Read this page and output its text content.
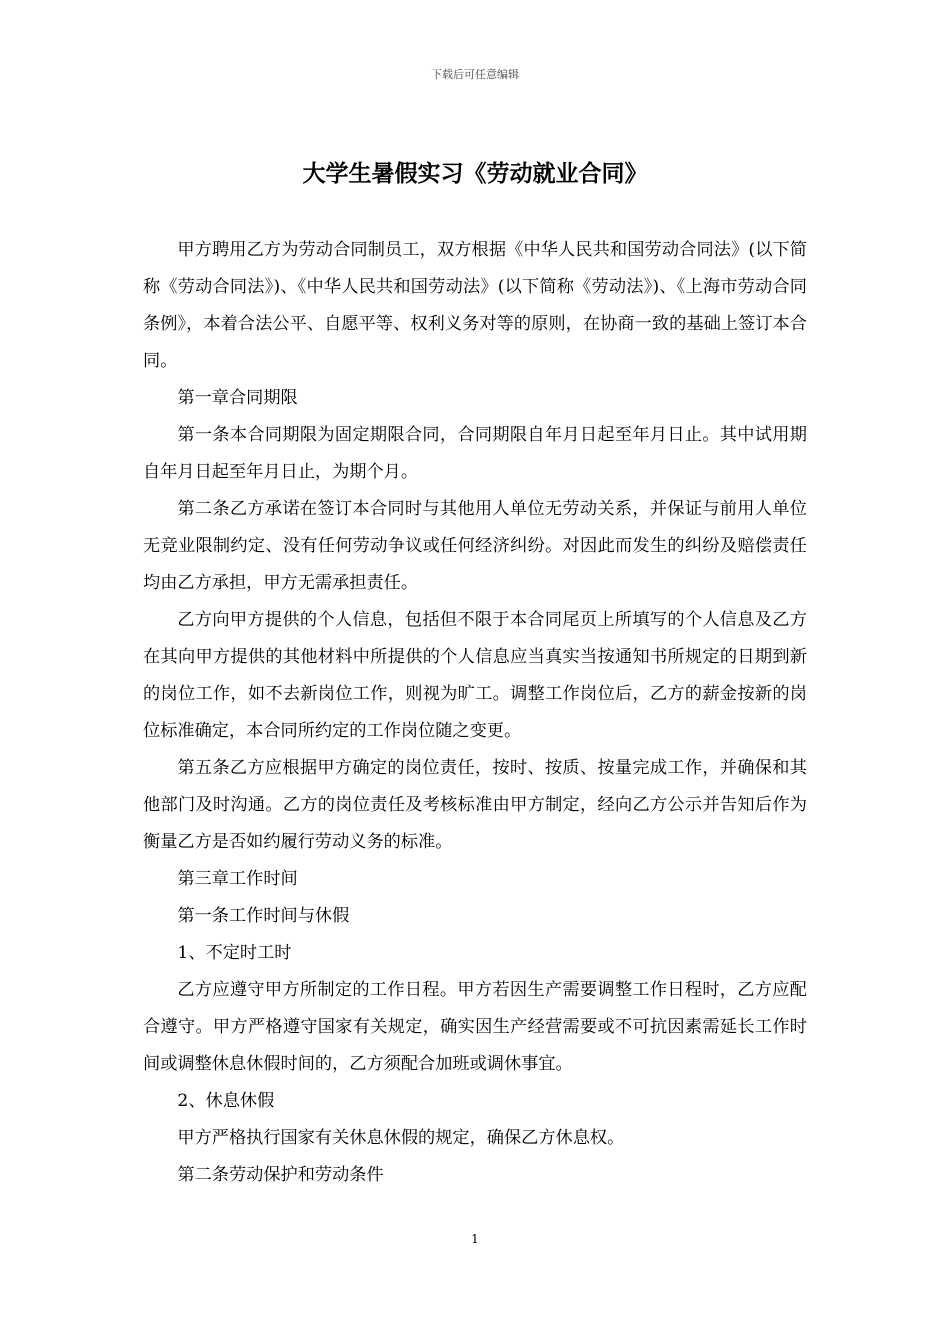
下载后可任意编辑
大学生暑假实习《劳动就业合同》

甲方聘用乙方为劳动合同制员工，双方根据《中华人民共和国劳动合同法》(以下简称《劳动合同法》)、《中华人民共和国劳动法》(以下简称《劳动法》)、《上海市劳动合同条例》，本着合法公平、自愿平等、权利义务对等的原则，在协商一致的基础上签订本合同。

第一章合同期限

第一条本合同期限为固定期限合同，合同期限自年月日起至年月日止。其中试用期自年月日起至年月日止，为期个月。

第二条乙方承诺在签订本合同时与其他用人单位无劳动关系，并保证与前用人单位无竞业限制约定、没有任何劳动争议或任何经济纠纷。对因此而发生的纠纷及赔偿责任均由乙方承担，甲方无需承担责任。

乙方向甲方提供的个人信息，包括但不限于本合同尾页上所填写的个人信息及乙方在其向甲方提供的其他材料中所提供的个人信息应当真实当按通知书所规定的日期到新的岗位工作，如不去新岗位工作，则视为旷工。调整工作岗位后，乙方的薪金按新的岗位标准确定，本合同所约定的工作岗位随之变更。

第五条乙方应根据甲方确定的岗位责任，按时、按质、按量完成工作，并确保和其他部门及时沟通。乙方的岗位责任及考核标准由甲方制定，经向乙方公示并告知后作为衡量乙方是否如约履行劳动义务的标准。

第三章工作时间

第一条工作时间与休假

1、不定时工时

乙方应遵守甲方所制定的工作日程。甲方若因生产需要调整工作日程时，乙方应配合遵守。甲方严格遵守国家有关规定，确实因生产经营需要或不可抗因素需延长工作时间或调整休息休假时间的，乙方须配合加班或调休事宜。

2、休息休假

甲方严格执行国家有关休息休假的规定，确保乙方休息权。

第二条劳动保护和劳动条件

1
